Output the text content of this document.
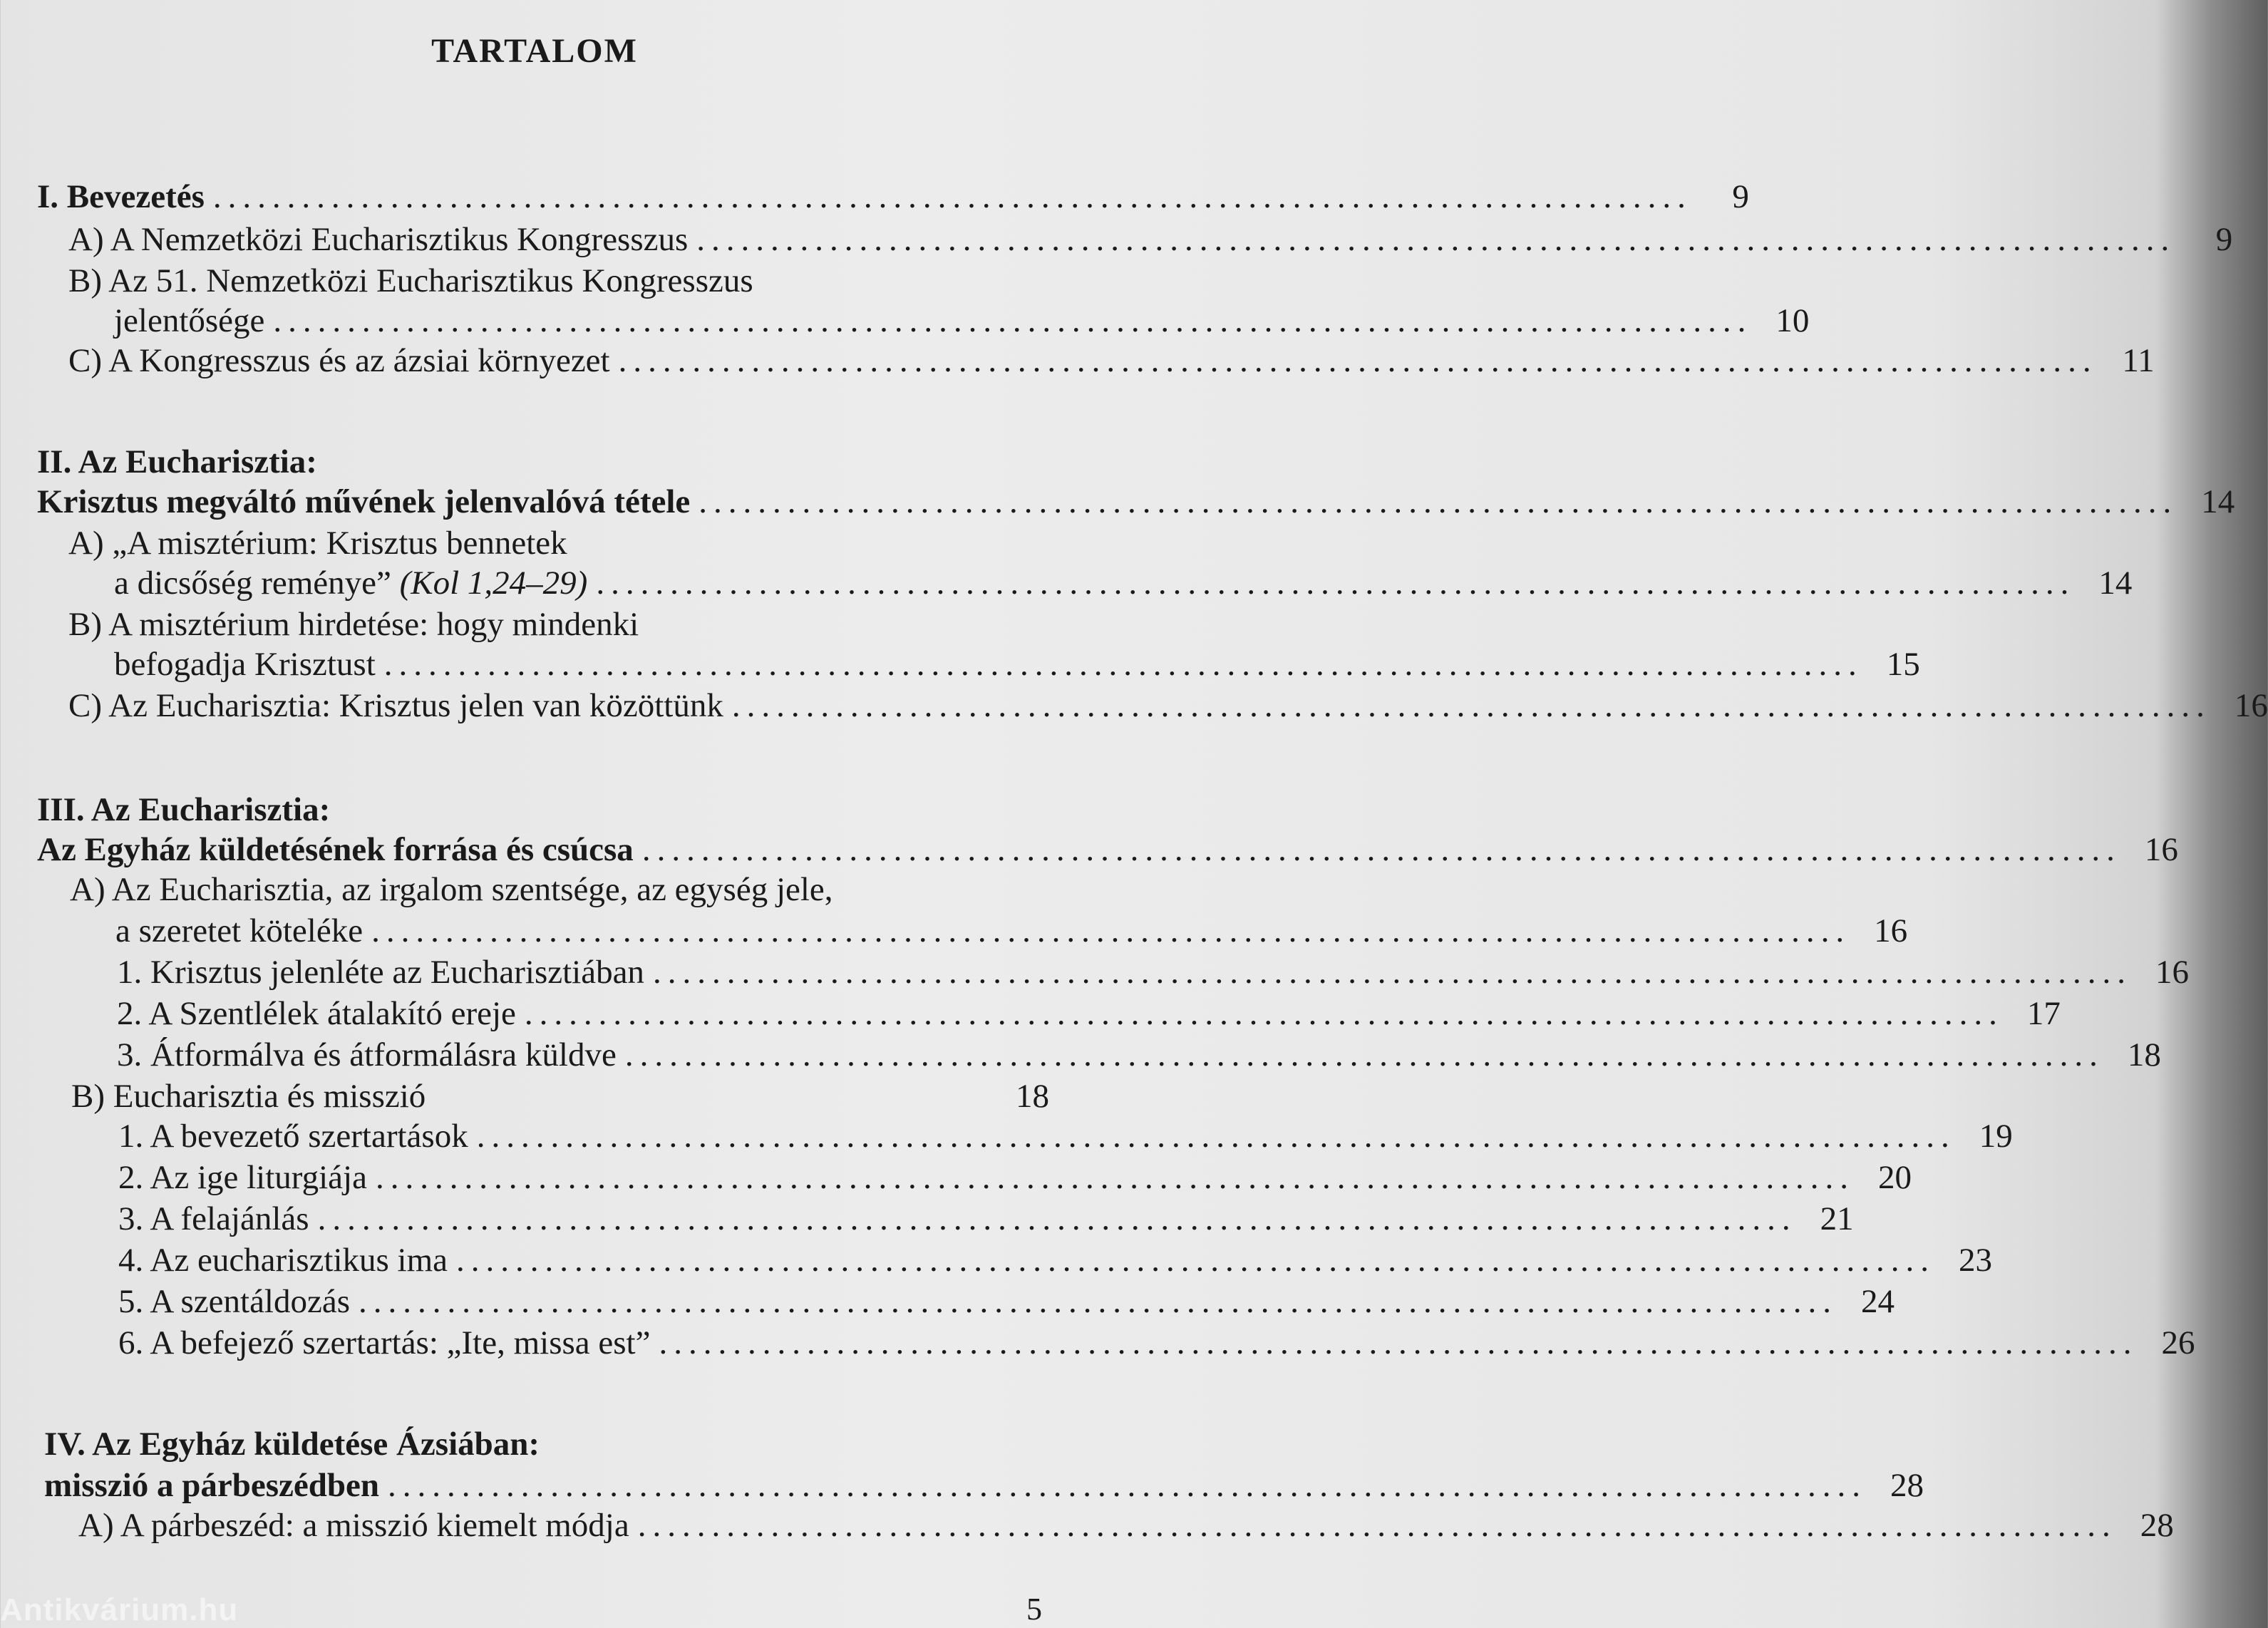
TARTALOM
I. Bevezetés ....................................................................................................	9
A) A Nemzetközi Eucharisztikus Kongresszus ....................................................................................................	9
B) Az 51. Nemzetközi Eucharisztikus Kongresszus
jelentősége .................................................................................................... 10
C) A Kongresszus és az ázsiai környezet .................................................................................................... 11
II. Az Eucharisztia:
Krisztus megváltó művének jelenvalóvá tétele .................................................................................................... 14
A) „A misztérium: Krisztus bennetek
a dicsőség reménye” (Kol 1,24–29) .................................................................................................... 14
B) A misztérium hirdetése: hogy mindenki
befogadja Krisztust .................................................................................................... 15
C) Az Eucharisztia: Krisztus jelen van közöttünk .................................................................................................... 16
III. Az Eucharisztia:
Az Egyház küldetésének forrása és csúcsa .................................................................................................... 16
A) Az Eucharisztia, az irgalom szentsége, az egység jele,
a szeretet köteléke .................................................................................................... 16
1. Krisztus jelenléte az Eucharisztiában .................................................................................................... 16
2. A Szentlélek átalakító ereje .................................................................................................... 17
3. Átformálva és átformálásra küldve .................................................................................................... 18
B) Eucharisztia és misszió	18
1. A bevezető szertartások .................................................................................................... 19
2. Az ige liturgiája .................................................................................................... 20
3. A felajánlás .................................................................................................... 21
4. Az eucharisztikus ima .................................................................................................... 23
5. A szentáldozás .................................................................................................... 24
6. A befejező szertartás: „Ite, missa est” .................................................................................................... 26
IV. Az Egyház küldetése Ázsiában:
misszió a párbeszédben .................................................................................................... 28
A) A párbeszéd: a misszió kiemelt módja .................................................................................................... 28
5
Antikvárium.hu
